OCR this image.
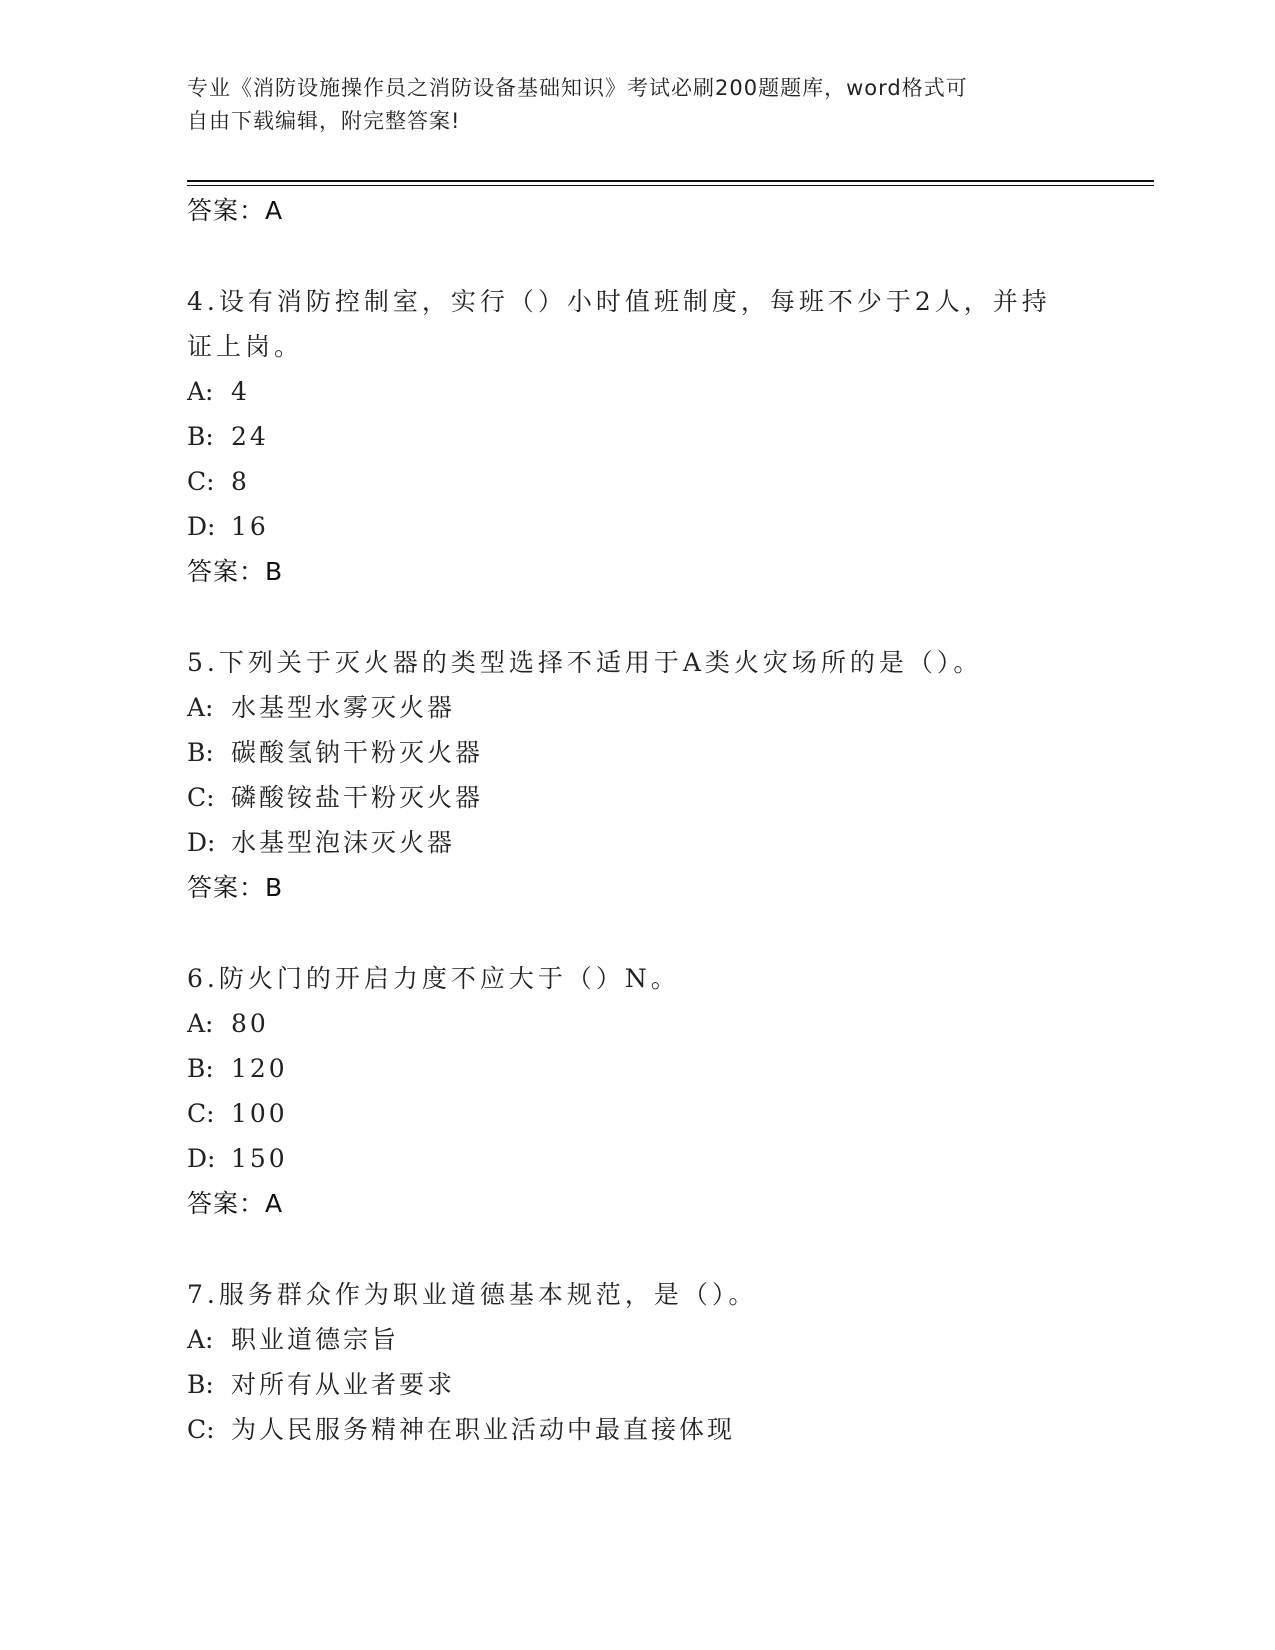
专业《消防设施操作员之消防设备基础知识》考试必刷200题题库，word格式可
自由下载编辑，附完整答案!
答案：A
4.设有消防控制室，实行（）小时值班制度，每班不少于2人，并持
证上岗。
A: 4
B: 24
C: 8
D: 16
答案：B
5.下列关于灭火器的类型选择不适用于A类火灾场所的是（）。
A: 水基型水雾灭火器
B: 碳酸氢钠干粉灭火器
C: 磷酸铵盐干粉灭火器
D: 水基型泡沫灭火器
答案：B
6.防火门的开启力度不应大于（）N。
A: 80
B: 120
C: 100
D: 150
答案：A
7.服务群众作为职业道德基本规范，是（）。
A: 职业道德宗旨
B: 对所有从业者要求
C: 为人民服务精神在职业活动中最直接体现
